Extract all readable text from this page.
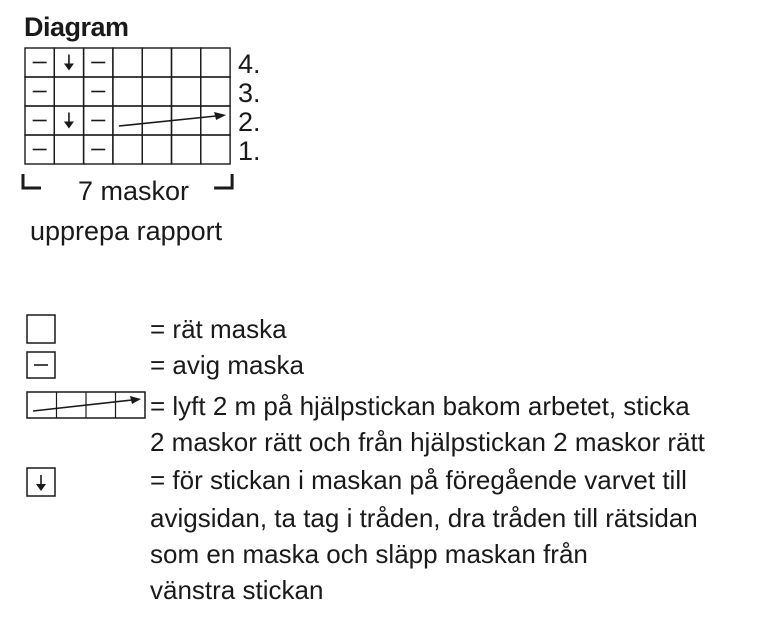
Diagram
4.
3.
2.
1.
7 maskor
upprepa rapport
= rät maska
= avig maska
= lyft 2 m på hjälpstickan bakom arbetet, sticka
2 maskor rätt och från hjälpstickan 2 maskor rätt
= för stickan i maskan på föregående varvet till
avigsidan, ta tag i tråden, dra tråden till rätsidan
som en maska och släpp maskan från
vänstra stickan
